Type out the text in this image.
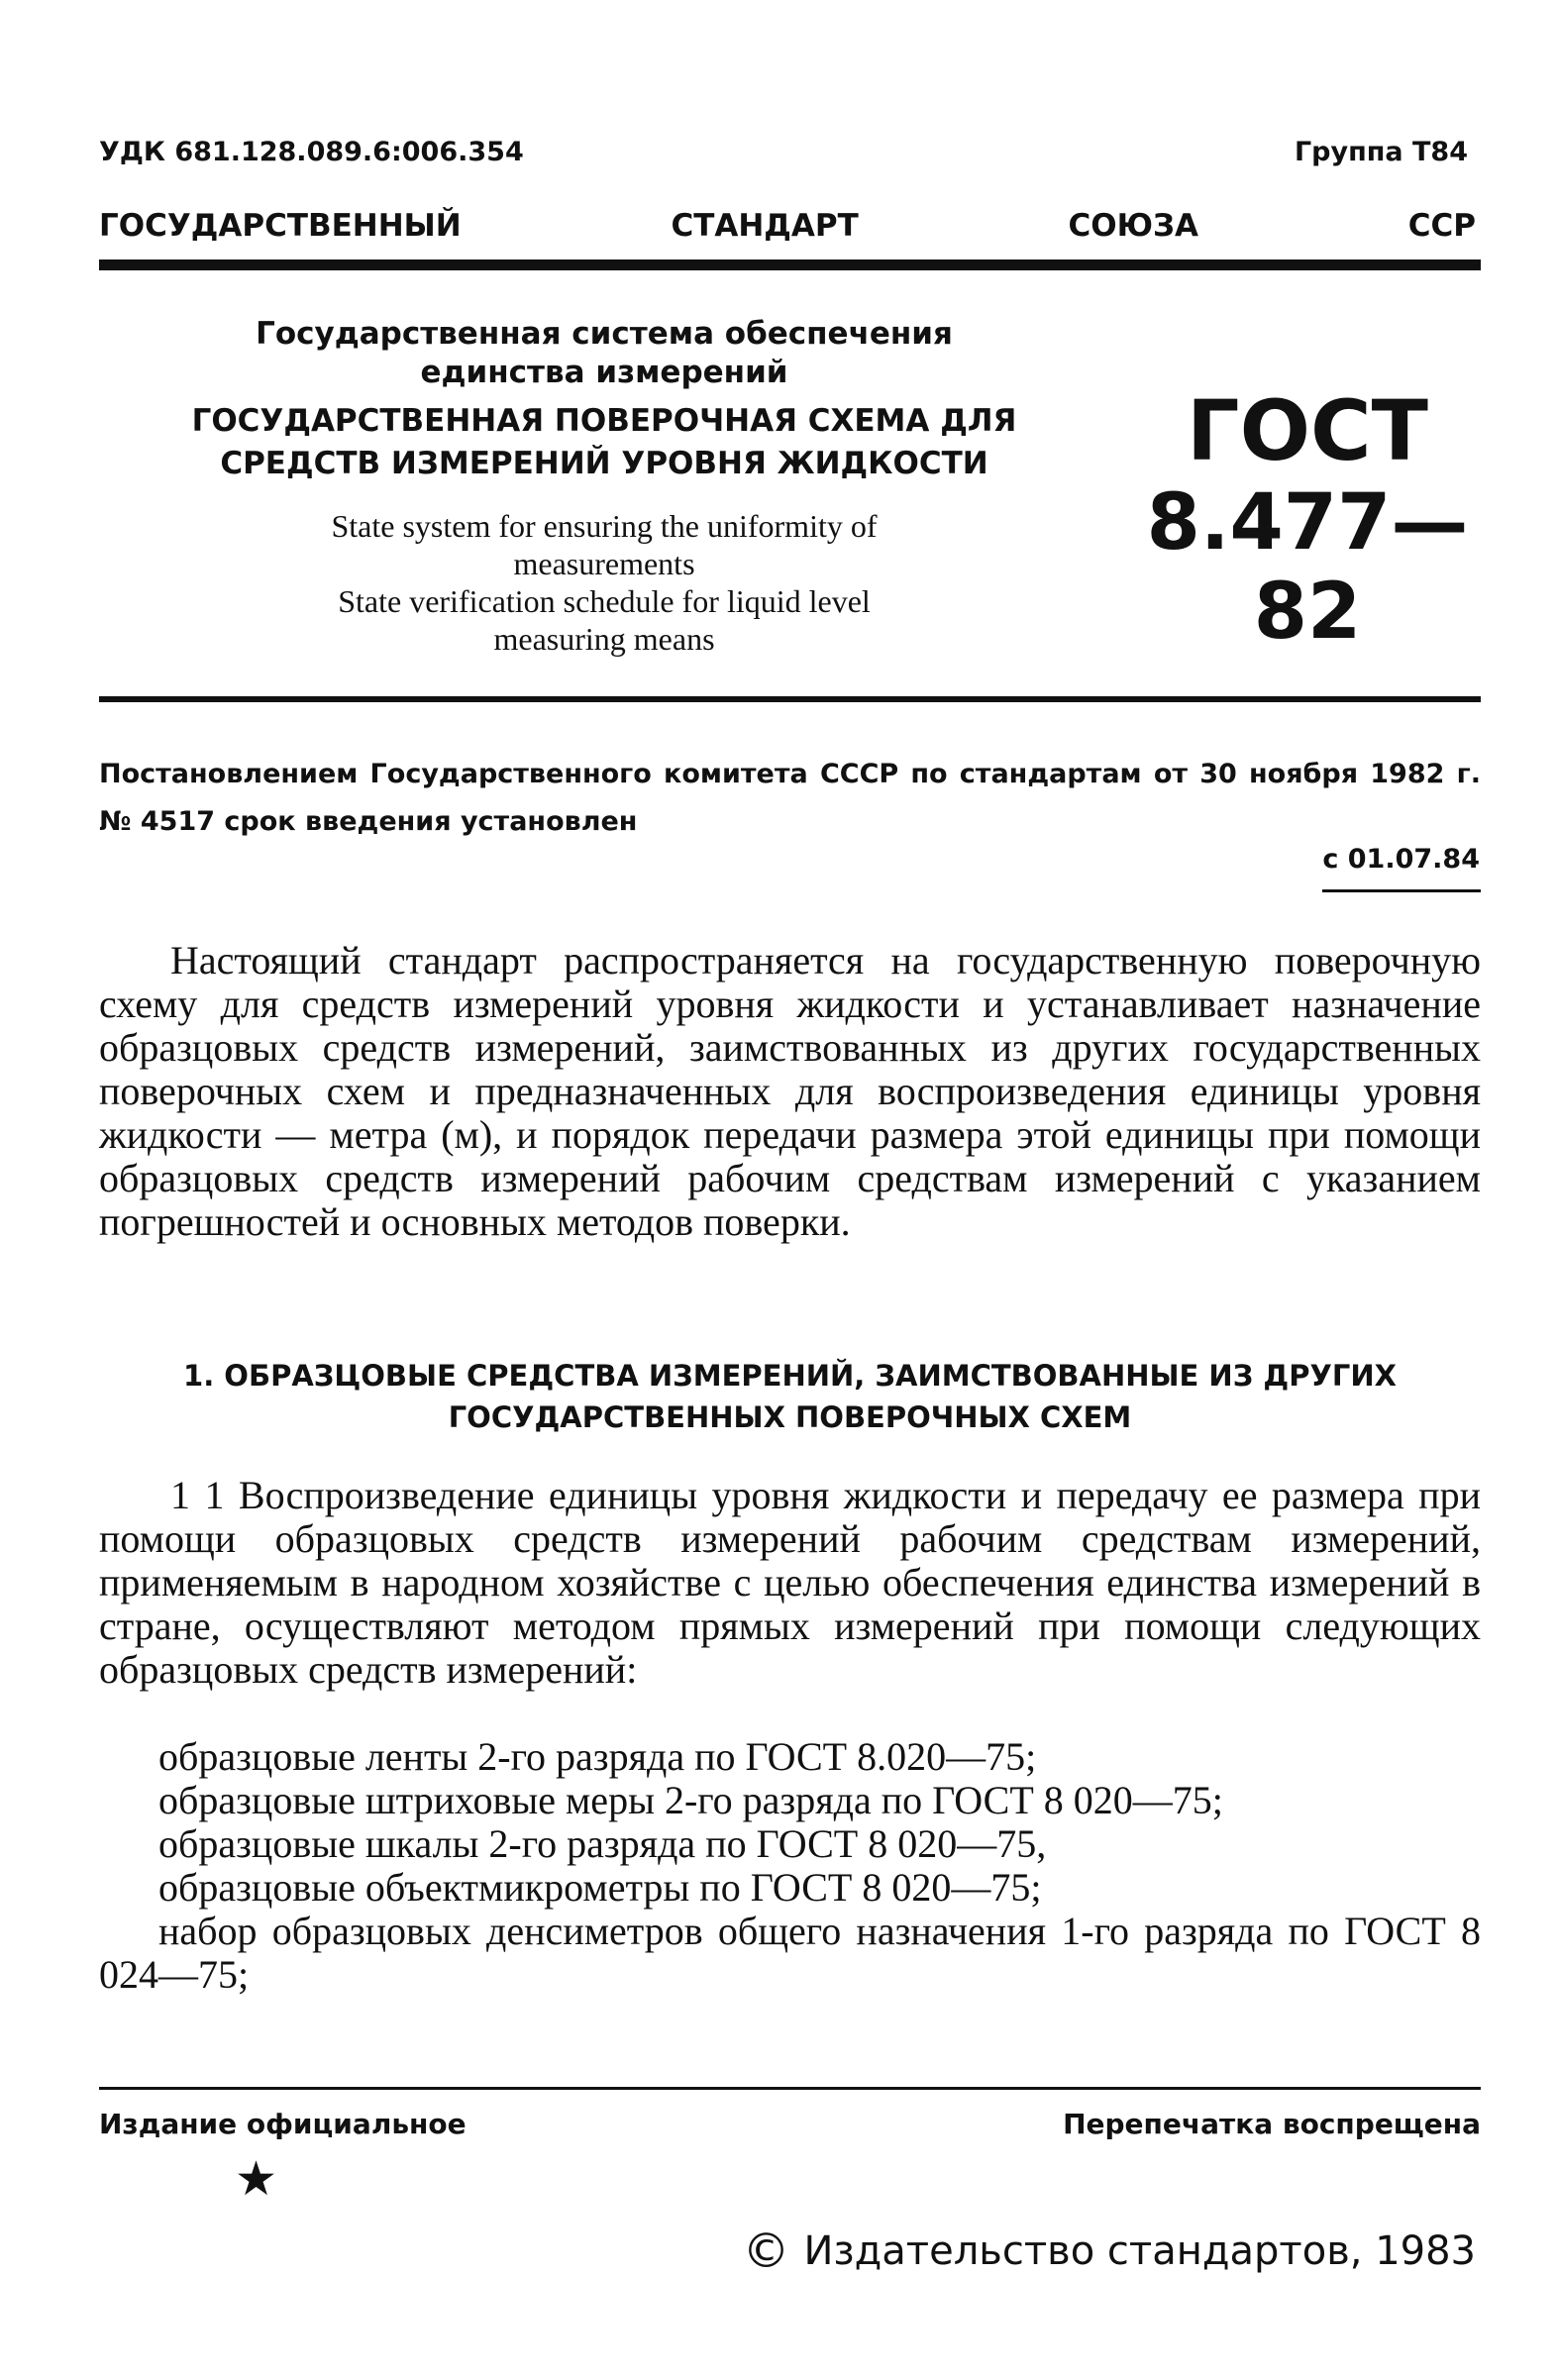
УДК 681.128.089.6:006.354	Группа Т84
ГОСУДАРСТВЕННЫЙ	СТАНДАРТ	СОЮЗА	ССР
Государственная система обеспечения единства измерений
ГОСУДАРСТВЕННАЯ ПОВЕРОЧНАЯ СХЕМА ДЛЯ
СРЕДСТВ ИЗМЕРЕНИЙ УРОВНЯ ЖИДКОСТИ
State system for ensuring the uniformity of
measurements
State verification schedule for liquid level
measuring means
ГОСТ
8.477—82
Постановлением Государственного комитета СССР по стандартам от 30 ноября 1982 г. № 4517 срок введения установлен
с 01.07.84

Настоящий стандарт распространяется на государственную поверочную схему для средств измерений уровня жидкости и устанавливает назначение образцовых средств измерений, заимствованных из других государственных поверочных схем и предназначенных для воспроизведения единицы уровня жидкости — метра (м), и порядок передачи размера этой единицы при помощи образцовых средств измерений рабочим средствам измерений с указанием погрешностей и основных методов поверки.

1. ОБРАЗЦОВЫЕ СРЕДСТВА ИЗМЕРЕНИЙ, ЗАИМСТВОВАННЫЕ ИЗ ДРУГИХ ГОСУДАРСТВЕННЫХ ПОВЕРОЧНЫХ СХЕМ

1 1 Воспроизведение единицы уровня жидкости и передачу ее размера при помощи образцовых средств измерений рабочим средствам измерений, применяемым в народном хозяйстве с целью обеспечения единства измерений в стране, осуществляют методом прямых измерений при помощи следующих образцовых средств измерений:

образцовые ленты 2-го разряда по ГОСТ 8.020—75;
образцовые штриховые меры 2-го разряда по ГОСТ 8 020—75;
образцовые шкалы 2-го разряда по ГОСТ 8 020—75,
образцовые объектмикрометры по ГОСТ 8 020—75;
набор образцовых денсиметров общего назначения 1-го разряда по ГОСТ 8 024—75;
Издание официальное	Перепечатка воспрещена
★
© Издательство стандартов, 1983
